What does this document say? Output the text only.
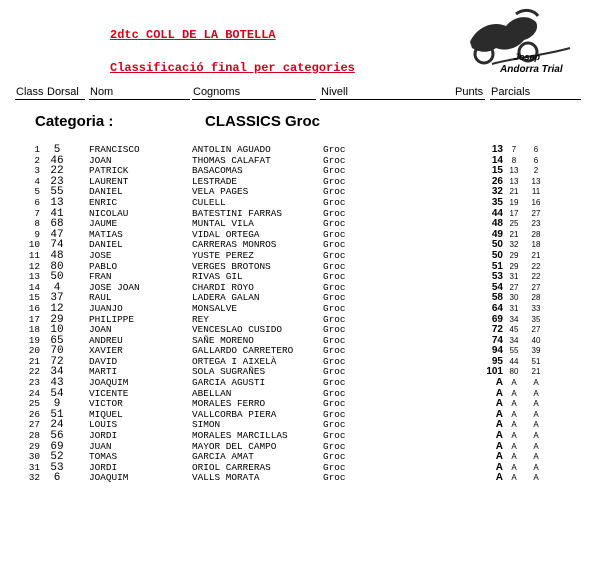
2dtc COLL DE LA BOTELLA
Classificació final per categories
Josep
Andorra Trial
Class Dorsal Nom	Cognoms	Nivell	Punts Parcials
Categoria :	CLASSICS Groc
1	5	FRANCISCO	ANTOLIN AGUADO	Groc	13	7	6
2	46	JOAN	THOMAS CALAFAT	Groc	14	8	6
3	22	PATRICK	BASACOMAS	Groc	15	13	2
4	23	LAURENT	LESTRADE	Groc	26	13	13
5	55	DANIEL	VELA PAGES	Groc	32	21	11
6	13	ENRIC	CULELL	Groc	35	19	16
7	41	NICOLAU	BATESTINI FARRAS	Groc	44	17	27
8	68	JAUME	MUNTAL VILA	Groc	48	25	23
9	47	MATIAS	VIDAL ORTEGA	Groc	49	21	28
10	74	DANIEL	CARRERAS MONROS	Groc	50	32	18
11	48	JOSE	YUSTE PEREZ	Groc	50	29	21
12	80	PABLO	VERGES BROTONS	Groc	51	29	22
13	50	FRAN	RIVAS GIL	Groc	53	31	22
14	4	JOSE JOAN	CHARDI ROYO	Groc	54	27	27
15	37	RAUL	LADERA GALAN	Groc	58	30	28
16	12	JUANJO	MONSALVE	Groc	64	31	33
17	29	PHILIPPE	REY	Groc	69	34	35
18	10	JOAN	VENCESLAO CUSIDO	Groc	72	45	27
19	65	ANDREU	SAÑE MORENO	Groc	74	34	40
20	70	XAVIER	GALLARDO CARRETERO	Groc	94	55	39
21	72	DAVID	ORTEGA I AIXELÀ	Groc	95	44	51
22	34	MARTI	SOLA SUGRAÑES	Groc	101	80	21
23	43	JOAQUIM	GARCIA AGUSTI	Groc	A	A	A
24	54	VICENTE	ABELLAN	Groc	A	A	A
25	9	VICTOR	MORALES FERRO	Groc	A	A	A
26	51	MIQUEL	VALLCORBA PIERA	Groc	A	A	A
27	24	LOUIS	SIMON	Groc	A	A	A
28	56	JORDI	MORALES MARCILLAS	Groc	A	A	A
29	69	JUAN	MAYOR DEL CAMPO	Groc	A	A	A
30	52	TOMAS	GARCIA AMAT	Groc	A	A	A
31	53	JORDI	ORIOL CARRERAS	Groc	A	A	A
32	6	JOAQUIM	VALLS MORATA	Groc	A	A	A
